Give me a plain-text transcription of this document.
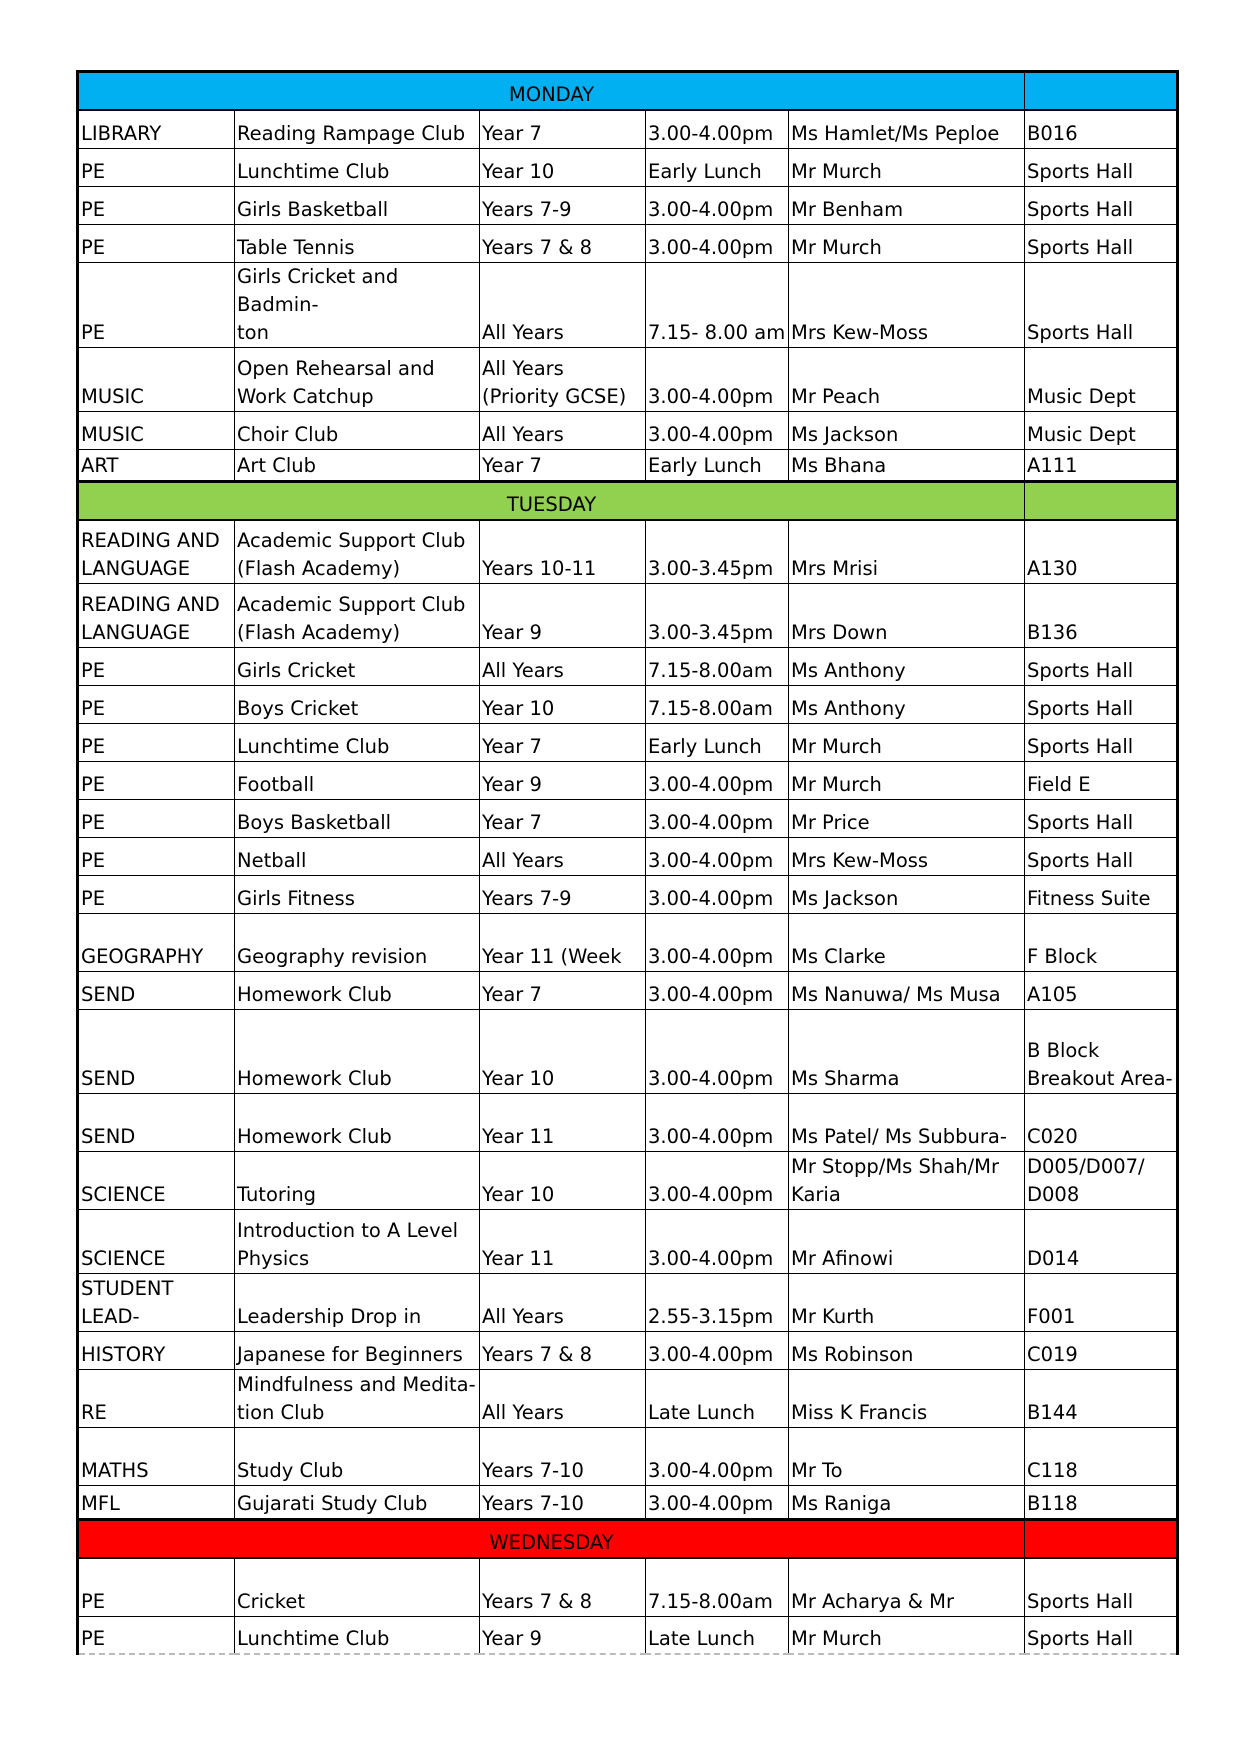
MONDAY					

LIBRARY	Reading Rampage Club	Year 7	3.00-4.00pm	Ms Hamlet/Ms Peploe	B016

PE	Lunchtime Club	Year 10	Early Lunch	Mr Murch	Sports Hall

PE	Girls Basketball	Years 7-9	3.00-4.00pm	Mr Benham	Sports Hall

PE	Table Tennis	Years 7 & 8	3.00-4.00pm	Mr Murch	Sports Hall

PE	Girls Cricket and Badmin-
ton	All Years	7.15- 8.00 am	Mrs Kew-Moss	Sports Hall

MUSIC	Open Rehearsal and
Work Catchup	All Years
(Priority GCSE)	3.00-4.00pm	Mr Peach	Music Dept

MUSIC	Choir Club	All Years	3.00-4.00pm	Ms Jackson	Music Dept

ART	Art Club	Year 7	Early Lunch	Ms Bhana	A111

TUESDAY					

READING AND
LANGUAGE	Academic Support Club
(Flash Academy)	Years 10-11	3.00-3.45pm	Mrs Mrisi	A130

READING AND
LANGUAGE	Academic Support Club
(Flash Academy)	Year 9	3.00-3.45pm	Mrs Down	B136

PE	Girls Cricket	All Years	7.15-8.00am	Ms Anthony	Sports Hall

PE	Boys Cricket	Year 10	7.15-8.00am	Ms Anthony	Sports Hall

PE	Lunchtime Club	Year 7	Early Lunch	Mr Murch	Sports Hall

PE	Football	Year 9	3.00-4.00pm	Mr Murch	Field E

PE	Boys Basketball	Year 7	3.00-4.00pm	Mr Price	Sports Hall

PE	Netball	All Years	3.00-4.00pm	Mrs Kew-Moss	Sports Hall

PE	Girls Fitness	Years 7-9	3.00-4.00pm	Ms Jackson	Fitness Suite

GEOGRAPHY	Geography revision	Year 11 (Week	3.00-4.00pm	Ms Clarke	F Block

SEND	Homework Club	Year 7	3.00-4.00pm	Ms Nanuwa/ Ms Musa	A105

SEND	Homework Club	Year 10	3.00-4.00pm	Ms Sharma	B Block
Breakout Area-

SEND	Homework Club	Year 11	3.00-4.00pm	Ms Patel/ Ms Subbura-	C020

SCIENCE	Tutoring	Year 10	3.00-4.00pm	Mr Stopp/Ms Shah/Mr
Karia	D005/D007/
D008

SCIENCE	Introduction to A Level
Physics	Year 11	3.00-4.00pm	Mr Afinowi	D014

STUDENT LEAD-	Leadership Drop in	All Years	2.55-3.15pm	Mr Kurth	F001

HISTORY	Japanese for Beginners	Years 7 & 8	3.00-4.00pm	Ms Robinson	C019

RE	Mindfulness and Medita-
tion Club	All Years	Late Lunch	Miss K Francis	B144

MATHS	Study Club	Years 7-10	3.00-4.00pm	Mr To	C118

MFL	Gujarati Study Club	Years 7-10	3.00-4.00pm	Ms Raniga	B118

WEDNESDAY					

PE	Cricket	Years 7 & 8	7.15-8.00am	Mr Acharya & Mr	Sports Hall

PE	Lunchtime Club	Year 9	Late Lunch	Mr Murch	Sports Hall
